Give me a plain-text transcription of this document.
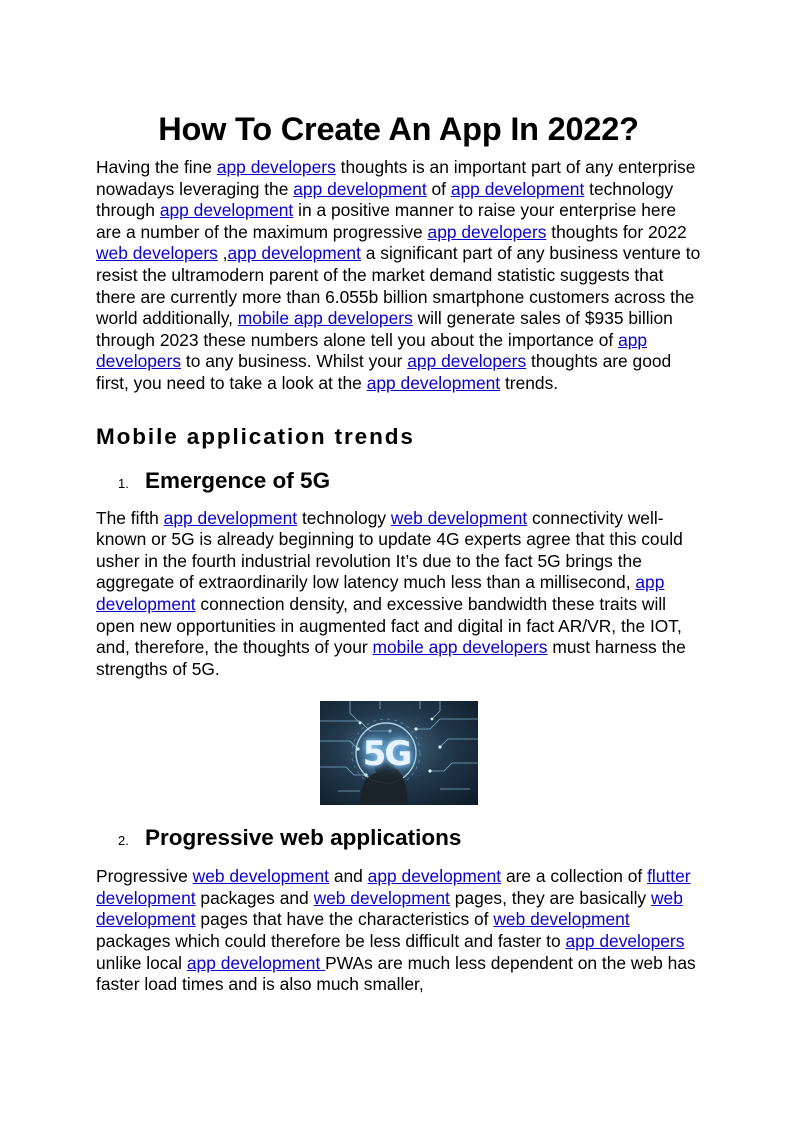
How To Create An App In 2022?

Having the fine app developers thoughts is an important part of any enterprise nowadays leveraging the app development of app development technology through app development in a positive manner to raise your enterprise here are a number of the maximum progressive app developers thoughts for 2022 web developers ,app development a significant part of any business venture to resist the ultramodern parent of the market demand statistic suggests that there are currently more than 6.055b billion smartphone customers across the world additionally, mobile app developers will generate sales of $935 billion through 2023 these numbers alone tell you about the importance of app developers to any business. Whilst your app developers thoughts are good first, you need to take a look at the app development trends.

Mobile application trends
1. Emergence of 5G

The fifth app development technology web development connectivity well-known or 5G is already beginning to update 4G experts agree that this could usher in the fourth industrial revolution It’s due to the fact 5G brings the aggregate of extraordinarily low latency much less than a millisecond, app development connection density, and excessive bandwidth these traits will open new opportunities in augmented fact and digital in fact AR/VR, the IOT, and, therefore, the thoughts of your mobile app developers must harness the strengths of 5G.

5G
2. Progressive web applications

Progressive web development and app development are a collection of flutter development packages and web development pages, they are basically web development pages that have the characteristics of web development packages which could therefore be less difficult and faster to app developers unlike local app development PWAs are much less dependent on the web has faster load times and is also much smaller,
